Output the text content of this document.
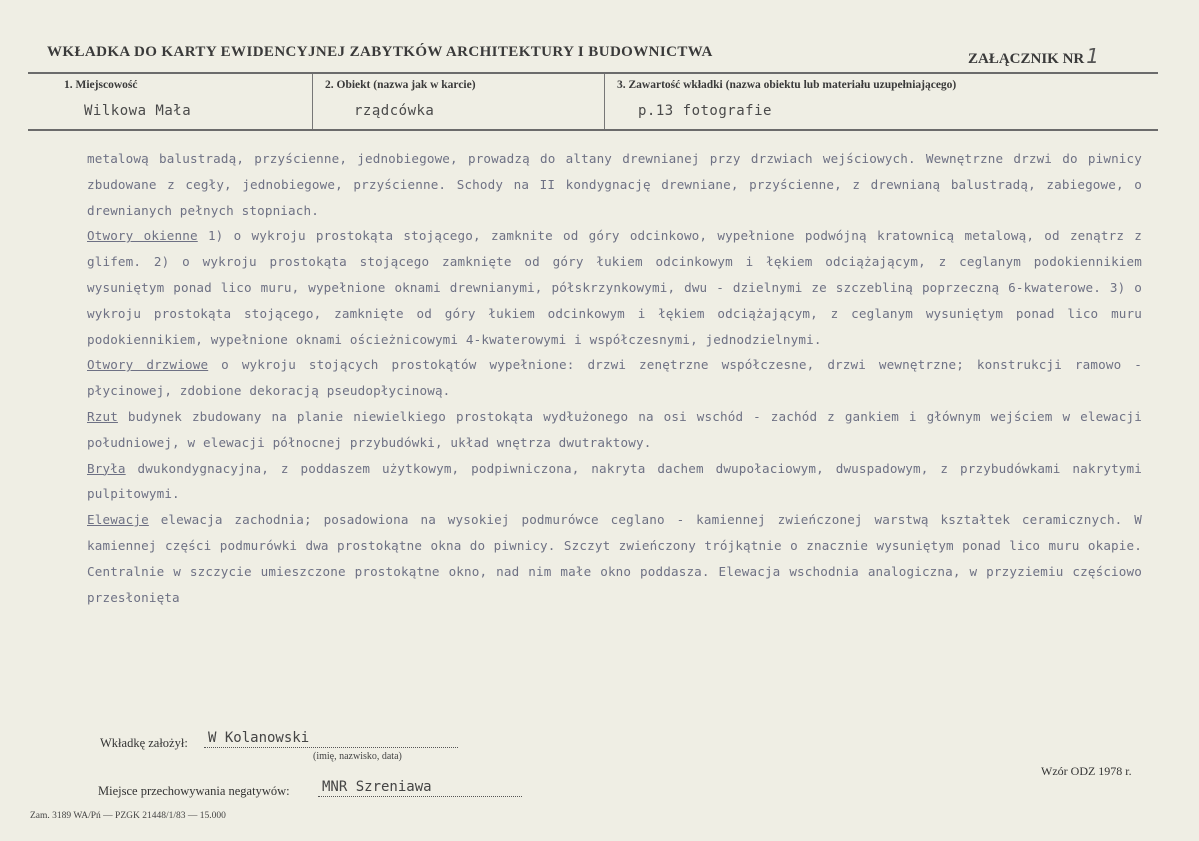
WKŁADKA DO KARTY EWIDENCYJNEJ ZABYTKÓW ARCHITEKTURY I BUDOWNICTWA	ZAŁĄCZNIK NR 1
1. Miejscowość
Wilkowa Mała
2. Obiekt (nazwa jak w karcie)
rządcówka
3. Zawartość wkładki (nazwa obiektu lub materiału uzupełniającego)
p.13 fotografie

metalową balustradą, przyścienne, jednobiegowe, prowadzą do altany drewnianej przy drzwiach wejściowych. Wewnętrzne drzwi do piwnicy zbudowane z cegły, jednobiegowe, przyścienne. Schody na II kondygnację drewniane, przyścienne, z drewnianą balustradą, zabiegowe, o drewnianych pełnych stopniach.

Otwory okienne 1) o wykroju prostokąta stojącego, zamknite od góry odcinkowo, wypełnione podwójną kratownicą metalową, od zenątrz z glifem. 2) o wykroju prostokąta stojącego zamknięte od góry łukiem odcinkowym i łękiem odciążającym, z ceglanym podokiennikiem wysuniętym ponad lico muru, wypełnione oknami drewnianymi, półskrzynkowymi, dwu - dzielnymi ze szczebliną poprzeczną 6-kwaterowe. 3) o wykroju prostokąta stojącego, zamknięte od góry łukiem odcinkowym i łękiem odciążającym, z ceglanym wysuniętym ponad lico muru podokiennikiem, wypełnione oknami ościeżnicowymi 4-kwaterowymi i współczesnymi, jednodzielnymi.

Otwory drzwiowe o wykroju stojących prostokątów wypełnione: drzwi zenętrzne współczesne, drzwi wewnętrzne; konstrukcji ramowo - płycinowej, zdobione dekoracją pseudopłycinową.

Rzut budynek zbudowany na planie niewielkiego prostokąta wydłużonego na osi wschód - zachód z gankiem i głównym wejściem w elewacji południowej, w elewacji północnej przybudówki, układ wnętrza dwutraktowy.

Bryła dwukondygnacyjna, z poddaszem użytkowym, podpiwniczona, nakryta dachem dwupołaciowym, dwuspadowym, z przybudówkami nakrytymi pulpitowymi.

Elewacje elewacja zachodnia; posadowiona na wysokiej podmurówce ceglano - kamiennej zwieńczonej warstwą kształtek ceramicznych. W kamiennej części podmurówki dwa prostokątne okna do piwnicy. Szczyt zwieńczony trójkątnie o znacznie wysuniętym ponad lico muru okapie. Centralnie w szczycie umieszczone prostokątne okno, nad nim małe okno poddasza. Elewacja wschodnia analogiczna, w przyziemiu częściowo przesłonięta

Wkładkę założył: W Kolanowski
(imię, nazwisko, data)
Wzór ODZ 1978 r.
Miejsce przechowywania negatywów: MNR Szreniawa
Zam. 3189 WA/Pń — PZGK 21448/1/83 — 15.000
